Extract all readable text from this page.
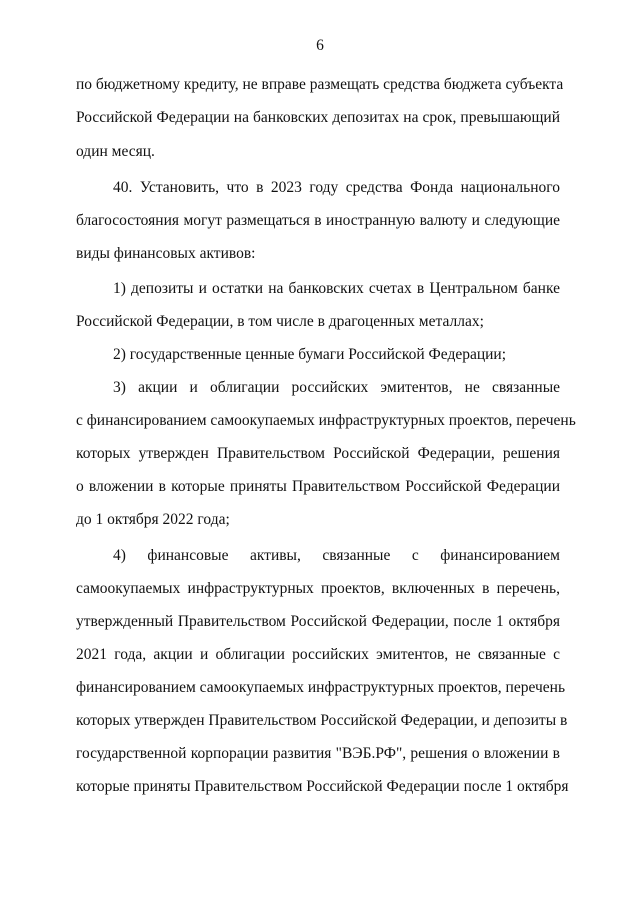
6
по бюджетному кредиту, не вправе размещать средства бюджета субъекта
Российской Федерации на банковских депозитах на срок, превышающий
один месяц.
40. Установить, что в 2023 году средства Фонда национального
благосостояния могут размещаться в иностранную валюту и следующие
виды финансовых активов:
1) депозиты и остатки на банковских счетах в Центральном банке
Российской Федерации, в том числе в драгоценных металлах;
2) государственные ценные бумаги Российской Федерации;
3) акции и облигации российских эмитентов, не связанные
с финансированием самоокупаемых инфраструктурных проектов, перечень
которых утвержден Правительством Российской Федерации, решения
о вложении в которые приняты Правительством Российской Федерации
до 1 октября 2022 года;
4) финансовые активы, связанные с финансированием
самоокупаемых инфраструктурных проектов, включенных в перечень,
утвержденный Правительством Российской Федерации, после 1 октября
2021 года, акции и облигации российских эмитентов, не связанные с
финансированием самоокупаемых инфраструктурных проектов, перечень
которых утвержден Правительством Российской Федерации, и депозиты в
государственной корпорации развития "ВЭБ.РФ", решения о вложении в
которые приняты Правительством Российской Федерации после 1 октября
